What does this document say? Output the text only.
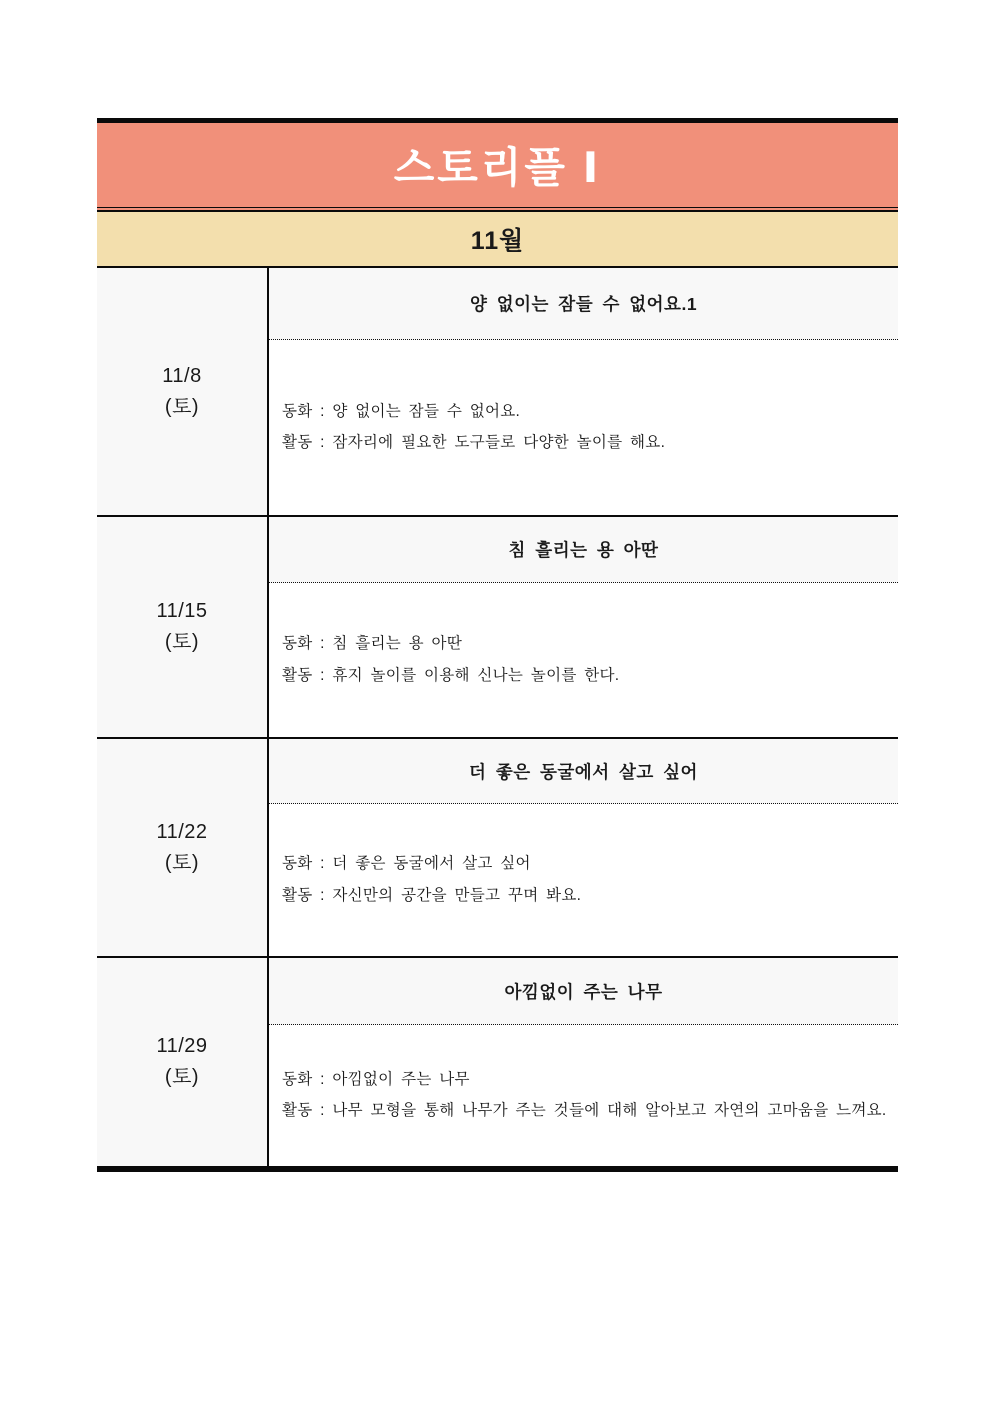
스토리플 Ⅰ
11월
11/8
(토)
양 없이는 잠들 수 없어요.1
동화 : 양 없이는 잠들 수 없어요.
활동 : 잠자리에 필요한 도구들로 다양한 놀이를 해요.
11/15
(토)
침 흘리는 용 아딴
동화 : 침 흘리는 용 아딴
활동 : 휴지 놀이를 이용해 신나는 놀이를 한다.
11/22
(토)
더 좋은 동굴에서 살고 싶어
동화 : 더 좋은 동굴에서 살고 싶어
활동 : 자신만의 공간을 만들고 꾸며 봐요.
11/29
(토)
아낌없이 주는 나무
동화 : 아낌없이 주는 나무
활동 : 나무 모형을 통해 나무가 주는 것들에 대해 알아보고 자연의 고마움을 느껴요.
